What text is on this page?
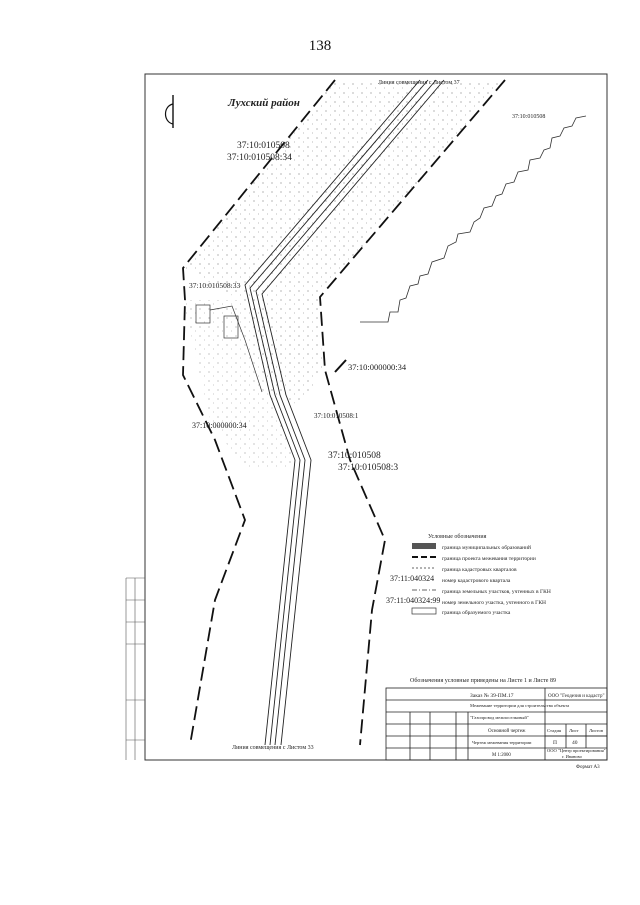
138
Лухский район
Линия совмещения с Листом 37
37:10:010508
37:10:010508
37:10:010508:34
37:10:010508:33
37:10:000000:34
37:10:000000:34
37:10:010508:1
37:10:010508
37:10:010508:3
Линия совмещения с Листом 33
Условные обозначения
37:11:040324
37:11:040324:99
граница муниципальных образований
граница проекта межевания территории
граница кадастровых кварталов
номер кадастрового квартала
граница земельных участков, учтенных в ГКН
номер земельного участка, учтенного в ГКН
граница образуемого участка
Обозначения условные приведены на Листе 1 и Листе 89
Заказ № 39-ПМ.17	ООО "Геодезия и кадастр"
Межевание территории для строительства объекта
"Газопровод межпоселковый"
Стадия Лист Листов
П	40
Основной чертеж
Чертеж межевания территории
М 1:2000
ООО "Центр проектирования"
г. Иваново
Формат А3
